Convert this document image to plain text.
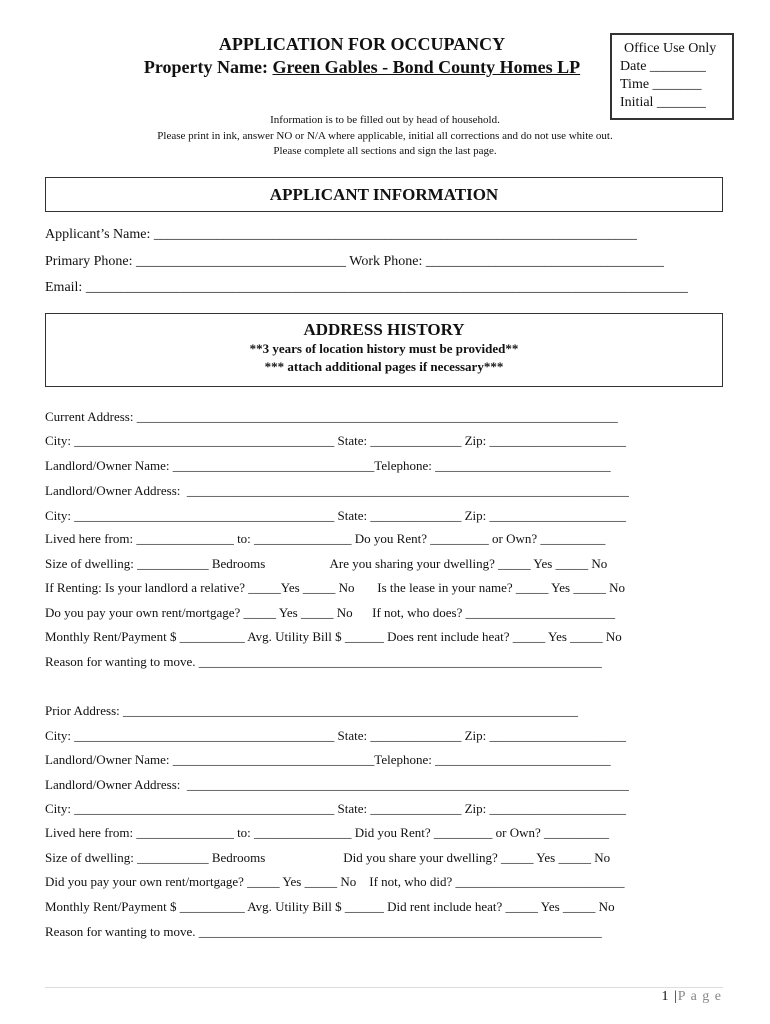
APPLICATION FOR OCCUPANCY
Property Name: Green Gables - Bond County Homes LP
Office Use Only
Date ________
Time _______
Initial _______
Information is to be filled out by head of household.
Please print in ink, answer NO or N/A where applicable, initial all corrections and do not use white out.
Please complete all sections and sign the last page.
APPLICANT INFORMATION
Applicant’s Name: _____________________________________________________________________
Primary Phone: ______________________________ Work Phone: __________________________________
Email: ______________________________________________________________________________________
ADDRESS HISTORY
**3 years of location history must be provided**
*** attach additional pages if necessary***
Current Address: __________________________________________________________________________
City: ________________________________________ State: ______________ Zip: _____________________
Landlord/Owner Name: _______________________________Telephone: ___________________________
Landlord/Owner Address:  ____________________________________________________________________
City: ________________________________________ State: ______________ Zip: _____________________
Lived here from: _______________ to: _______________ Do you Rent? _________ or Own? __________
Size of dwelling: ___________ Bedrooms                    Are you sharing your dwelling? _____ Yes _____ No
If Renting: Is your landlord a relative? _____Yes _____ No       Is the lease in your name? _____ Yes _____ No
Do you pay your own rent/mortgage? _____ Yes _____ No      If not, who does? _______________________
Monthly Rent/Payment $ __________ Avg. Utility Bill $ ______ Does rent include heat? _____ Yes _____ No
Reason for wanting to move. ______________________________________________________________
Prior Address: ______________________________________________________________________
City: ________________________________________ State: ______________ Zip: _____________________
Landlord/Owner Name: _______________________________Telephone: ___________________________
Landlord/Owner Address:  ____________________________________________________________________
City: ________________________________________ State: ______________ Zip: _____________________
Lived here from: _______________ to: _______________ Did you Rent? _________ or Own? __________
Size of dwelling: ___________ Bedrooms                        Did you share your dwelling? _____ Yes _____ No
Did you pay your own rent/mortgage? _____ Yes _____ No    If not, who did? __________________________
Monthly Rent/Payment $ __________ Avg. Utility Bill $ ______ Did rent include heat? _____ Yes _____ No
Reason for wanting to move. ______________________________________________________________
1 |P a g e
